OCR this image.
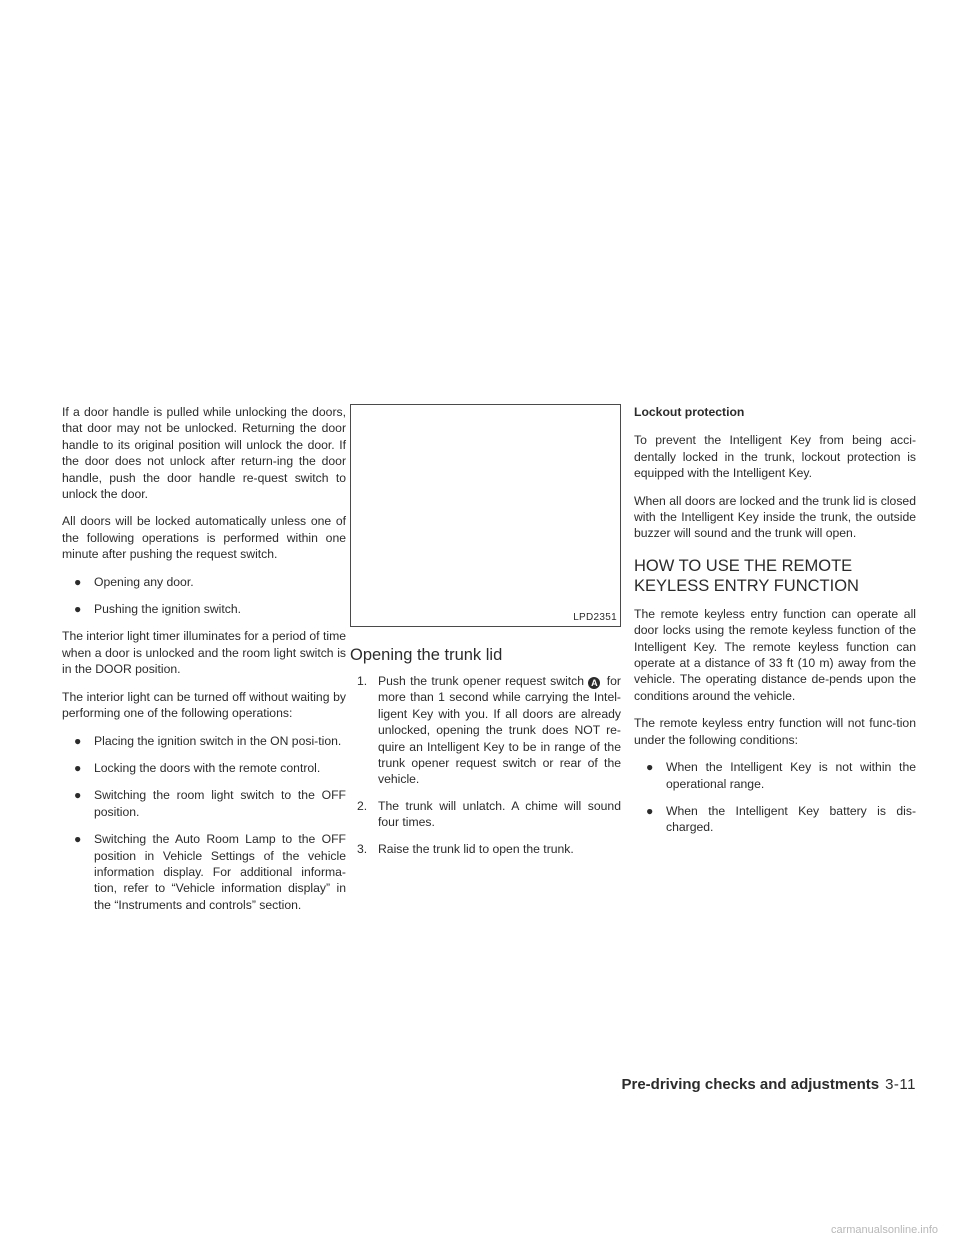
If a door handle is pulled while unlocking the doors, that door may not be unlocked. Returning the door handle to its original position will unlock the door. If the door does not unlock after return-ing the door handle, push the door handle re-quest switch to unlock the door.

All doors will be locked automatically unless one of the following operations is performed within one minute after pushing the request switch.

● Opening any door.
● Pushing the ignition switch.

The interior light timer illuminates for a period of time when a door is unlocked and the room light switch is in the DOOR position.

The interior light can be turned off without waiting by performing one of the following operations:

● Placing the ignition switch in the ON posi-tion.
● Locking the doors with the remote control.
● Switching the room light switch to the OFF position.
● Switching the Auto Room Lamp to the OFF position in Vehicle Settings of the vehicle information display. For additional informa-tion, refer to “Vehicle information display” in the “Instruments and controls” section.
LPD2351
Opening the trunk lid
1. Push the trunk opener request switch A for more than 1 second while carrying the Intel-ligent Key with you. If all doors are already unlocked, opening the trunk does NOT re-quire an Intelligent Key to be in range of the trunk opener request switch or rear of the vehicle.
2. The trunk will unlatch. A chime will sound four times.
3. Raise the trunk lid to open the trunk.
Lockout protection

To prevent the Intelligent Key from being acci-dentally locked in the trunk, lockout protection is equipped with the Intelligent Key.

When all doors are locked and the trunk lid is closed with the Intelligent Key inside the trunk, the outside buzzer will sound and the trunk will open.

HOW TO USE THE REMOTE
KEYLESS ENTRY FUNCTION

The remote keyless entry function can operate all door locks using the remote keyless function of the Intelligent Key. The remote keyless function can operate at a distance of 33 ft (10 m) away from the vehicle. The operating distance de-pends upon the conditions around the vehicle.

The remote keyless entry function will not func-tion under the following conditions:

● When the Intelligent Key is not within the operational range.
● When the Intelligent Key battery is dis-charged.
Pre-driving checks and adjustments 3-11
carmanualsonline.info
